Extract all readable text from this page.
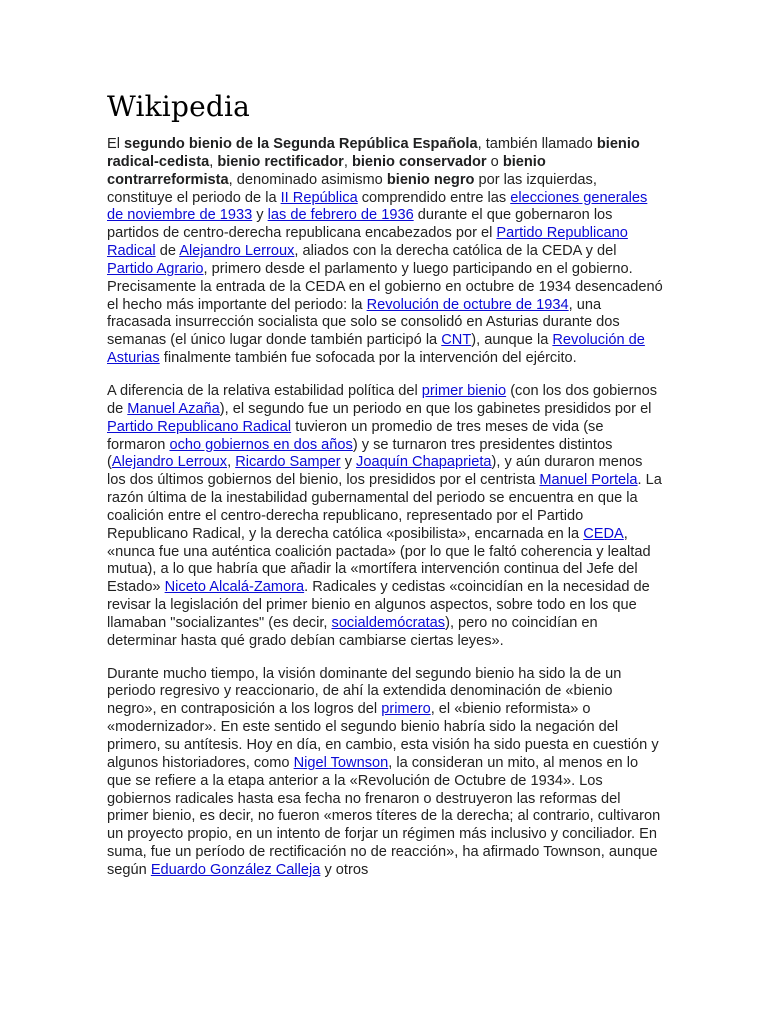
Wikipedia

El segundo bienio de la Segunda República Española, también llamado bienio radical-cedista, bienio rectificador, bienio conservador o bienio contrarreformista, denominado asimismo bienio negro por las izquierdas, constituye el periodo de la II República comprendido entre las elecciones generales de noviembre de 1933 y las de febrero de 1936 durante el que gobernaron los partidos de centro-derecha republicana encabezados por el Partido Republicano Radical de Alejandro Lerroux, aliados con la derecha católica de la CEDA y del Partido Agrario, primero desde el parlamento y luego participando en el gobierno. Precisamente la entrada de la CEDA en el gobierno en octubre de 1934 desencadenó el hecho más importante del periodo: la Revolución de octubre de 1934, una fracasada insurrección socialista que solo se consolidó en Asturias durante dos semanas (el único lugar donde también participó la CNT), aunque la Revolución de Asturias finalmente también fue sofocada por la intervención del ejército.

A diferencia de la relativa estabilidad política del primer bienio (con los dos gobiernos de Manuel Azaña), el segundo fue un periodo en que los gabinetes presididos por el Partido Republicano Radical tuvieron un promedio de tres meses de vida (se formaron ocho gobiernos en dos años) y se turnaron tres presidentes distintos (Alejandro Lerroux, Ricardo Samper y Joaquín Chapaprieta), y aún duraron menos los dos últimos gobiernos del bienio, los presididos por el centrista Manuel Portela. La razón última de la inestabilidad gubernamental del periodo se encuentra en que la coalición entre el centro-derecha republicano, representado por el Partido Republicano Radical, y la derecha católica «posibilista», encarnada en la CEDA, «nunca fue una auténtica coalición pactada» (por lo que le faltó coherencia y lealtad mutua), a lo que habría que añadir la «mortífera intervención continua del Jefe del Estado» Niceto Alcalá-Zamora. Radicales y cedistas «coincidían en la necesidad de revisar la legislación del primer bienio en algunos aspectos, sobre todo en los que llamaban "socializantes" (es decir, socialdemócratas), pero no coincidían en determinar hasta qué grado debían cambiarse ciertas leyes».

Durante mucho tiempo, la visión dominante del segundo bienio ha sido la de un periodo regresivo y reaccionario, de ahí la extendida denominación de «bienio negro», en contraposición a los logros del primero, el «bienio reformista» o «modernizador». En este sentido el segundo bienio habría sido la negación del primero, su antítesis. Hoy en día, en cambio, esta visión ha sido puesta en cuestión y algunos historiadores, como Nigel Townson, la consideran un mito, al menos en lo que se refiere a la etapa anterior a la «Revolución de Octubre de 1934». Los gobiernos radicales hasta esa fecha no frenaron o destruyeron las reformas del primer bienio, es decir, no fueron «meros títeres de la derecha; al contrario, cultivaron un proyecto propio, en un intento de forjar un régimen más inclusivo y conciliador. En suma, fue un período de rectificación no de reacción», ha afirmado Townson, aunque según Eduardo González Calleja y otros
